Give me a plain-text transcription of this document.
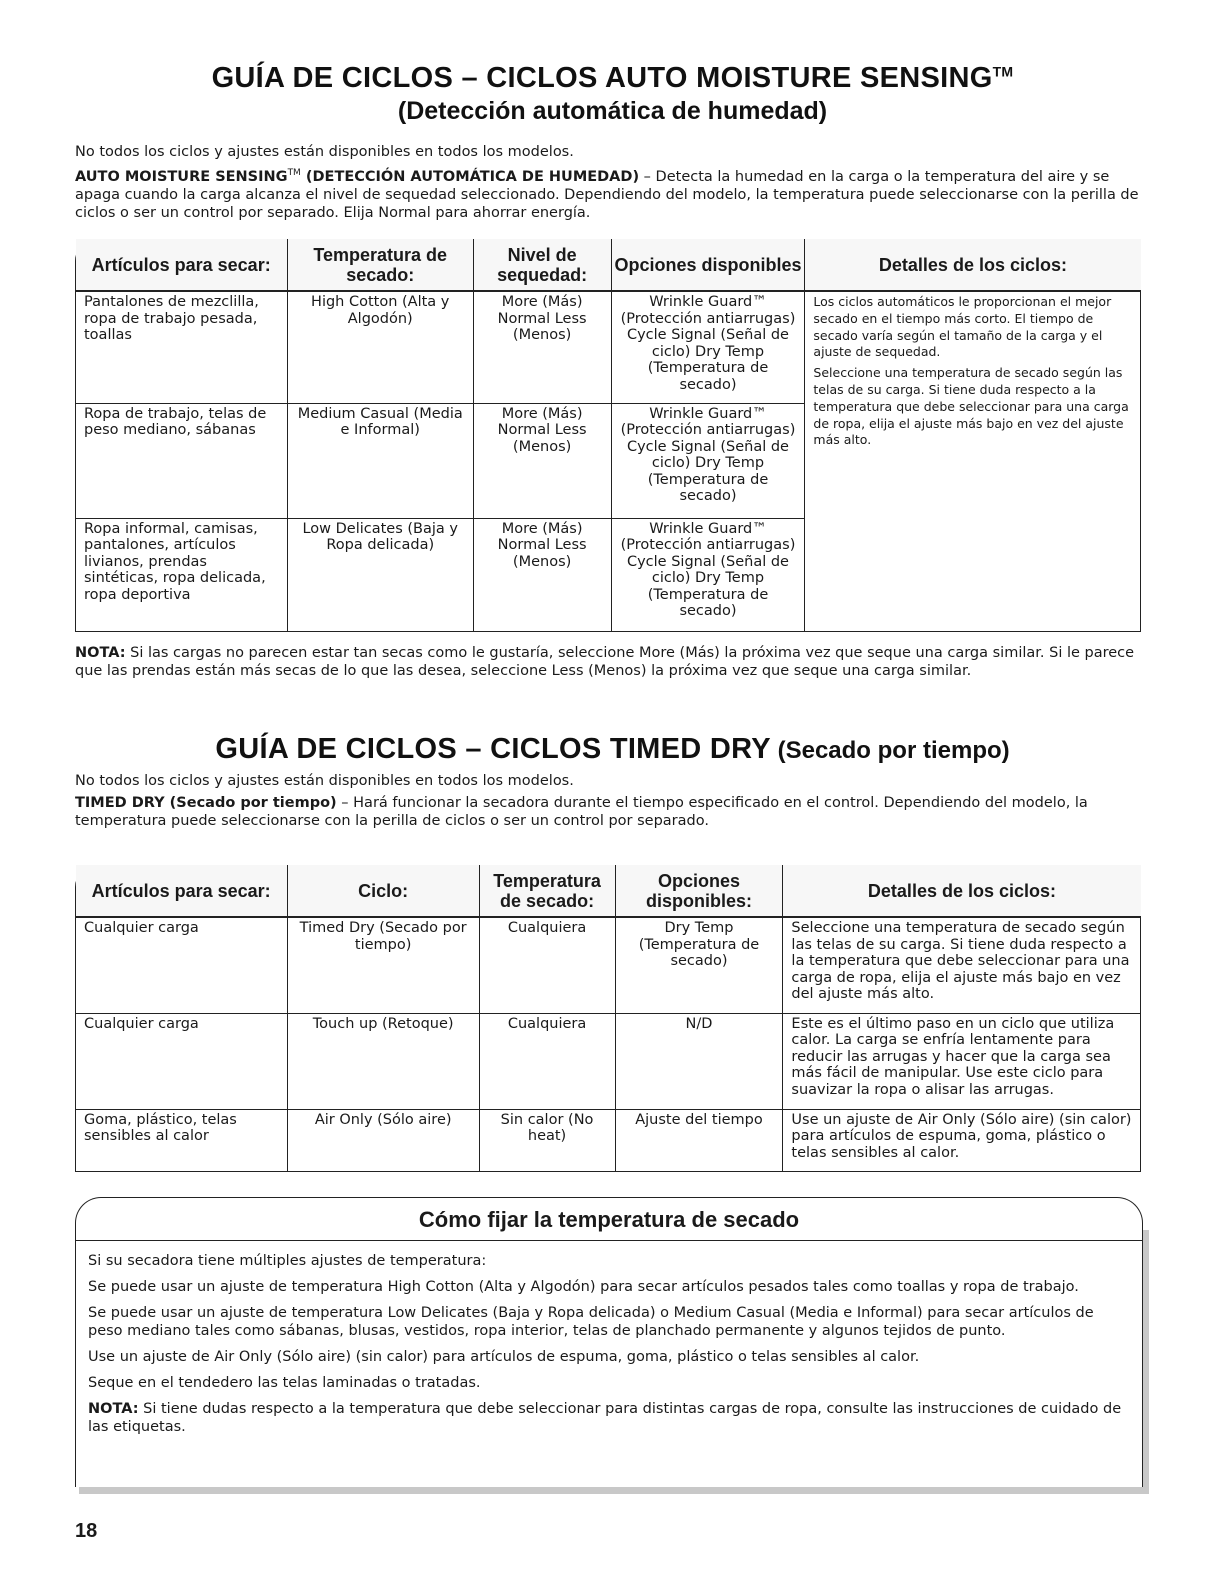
GUÍA DE CICLOS – CICLOS AUTO MOISTURE SENSING™
(Detección automática de humedad)
No todos los ciclos y ajustes están disponibles en todos los modelos.
AUTO MOISTURE SENSING™ (DETECCIÓN AUTOMÁTICA DE HUMEDAD) – Detecta la humedad en la carga o la temperatura del aire y se apaga cuando la carga alcanza el nivel de sequedad seleccionado. Dependiendo del modelo, la temperatura puede seleccionarse con la perilla de ciclos o ser un control por separado. Elija Normal para ahorrar energía.
Artículos para secar:	Temperatura de secado:	Nivel de sequedad:	Opciones disponibles	Detalles de los ciclos:
Pantalones de mezclilla, ropa de trabajo pesada, toallas	High Cotton (Alta y Algodón)	More (Más) Normal Less (Menos)	Wrinkle Guard™ (Protección antiarrugas) Cycle Signal (Señal de ciclo) Dry Temp (Temperatura de secado)	Los ciclos automáticos le proporcionan el mejor secado en el tiempo más corto. El tiempo de secado varía según el tamaño de la carga y el ajuste de sequedad.
Seleccione una temperatura de secado según las telas de su carga. Si tiene duda respecto a la temperatura que debe seleccionar para una carga de ropa, elija el ajuste más bajo en vez del ajuste más alto.

Ropa de trabajo, telas de peso mediano, sábanas	Medium Casual (Media e Informal)	More (Más) Normal Less (Menos)	Wrinkle Guard™ (Protección antiarrugas) Cycle Signal (Señal de ciclo) Dry Temp (Temperatura de secado)	
Ropa informal, camisas, pantalones, artículos livianos, prendas sintéticas, ropa delicada, ropa deportiva	Low Delicates (Baja y Ropa delicada)	More (Más) Normal Less (Menos)	Wrinkle Guard™ (Protección antiarrugas) Cycle Signal (Señal de ciclo) Dry Temp (Temperatura de secado)	
NOTA: Si las cargas no parecen estar tan secas como le gustaría, seleccione More (Más) la próxima vez que seque una carga similar. Si le parece que las prendas están más secas de lo que las desea, seleccione Less (Menos) la próxima vez que seque una carga similar.
GUÍA DE CICLOS – CICLOS TIMED DRY (Secado por tiempo)
No todos los ciclos y ajustes están disponibles en todos los modelos.
TIMED DRY (Secado por tiempo) – Hará funcionar la secadora durante el tiempo especificado en el control. Dependiendo del modelo, la temperatura puede seleccionarse con la perilla de ciclos o ser un control por separado.
Artículos para secar:	Ciclo:	Temperatura de secado:	Opciones disponibles:	Detalles de los ciclos:
Cualquier carga	Timed Dry (Secado por tiempo)	Cualquiera	Dry Temp (Temperatura de secado)	Seleccione una temperatura de secado según las telas de su carga. Si tiene duda respecto a la temperatura que debe seleccionar para una carga de ropa, elija el ajuste más bajo en vez del ajuste más alto.
Cualquier carga	Touch up (Retoque)	Cualquiera	N/D	Este es el último paso en un ciclo que utiliza calor. La carga se enfría lentamente para reducir las arrugas y hacer que la carga sea más fácil de manipular. Use este ciclo para suavizar la ropa o alisar las arrugas.
Goma, plástico, telas sensibles al calor	Air Only (Sólo aire)	Sin calor (No heat)	Ajuste del tiempo	Use un ajuste de Air Only (Sólo aire) (sin calor) para artículos de espuma, goma, plástico o telas sensibles al calor.
Cómo fijar la temperatura de secado

Si su secadora tiene múltiples ajustes de temperatura:

Se puede usar un ajuste de temperatura High Cotton (Alta y Algodón) para secar artículos pesados tales como toallas y ropa de trabajo.

Se puede usar un ajuste de temperatura Low Delicates (Baja y Ropa delicada) o Medium Casual (Media e Informal) para secar artículos de peso mediano tales como sábanas, blusas, vestidos, ropa interior, telas de planchado permanente y algunos tejidos de punto.

Use un ajuste de Air Only (Sólo aire) (sin calor) para artículos de espuma, goma, plástico o telas sensibles al calor.

Seque en el tendedero las telas laminadas o tratadas.

NOTA: Si tiene dudas respecto a la temperatura que debe seleccionar para distintas cargas de ropa, consulte las instrucciones de cuidado de las etiquetas.

18
